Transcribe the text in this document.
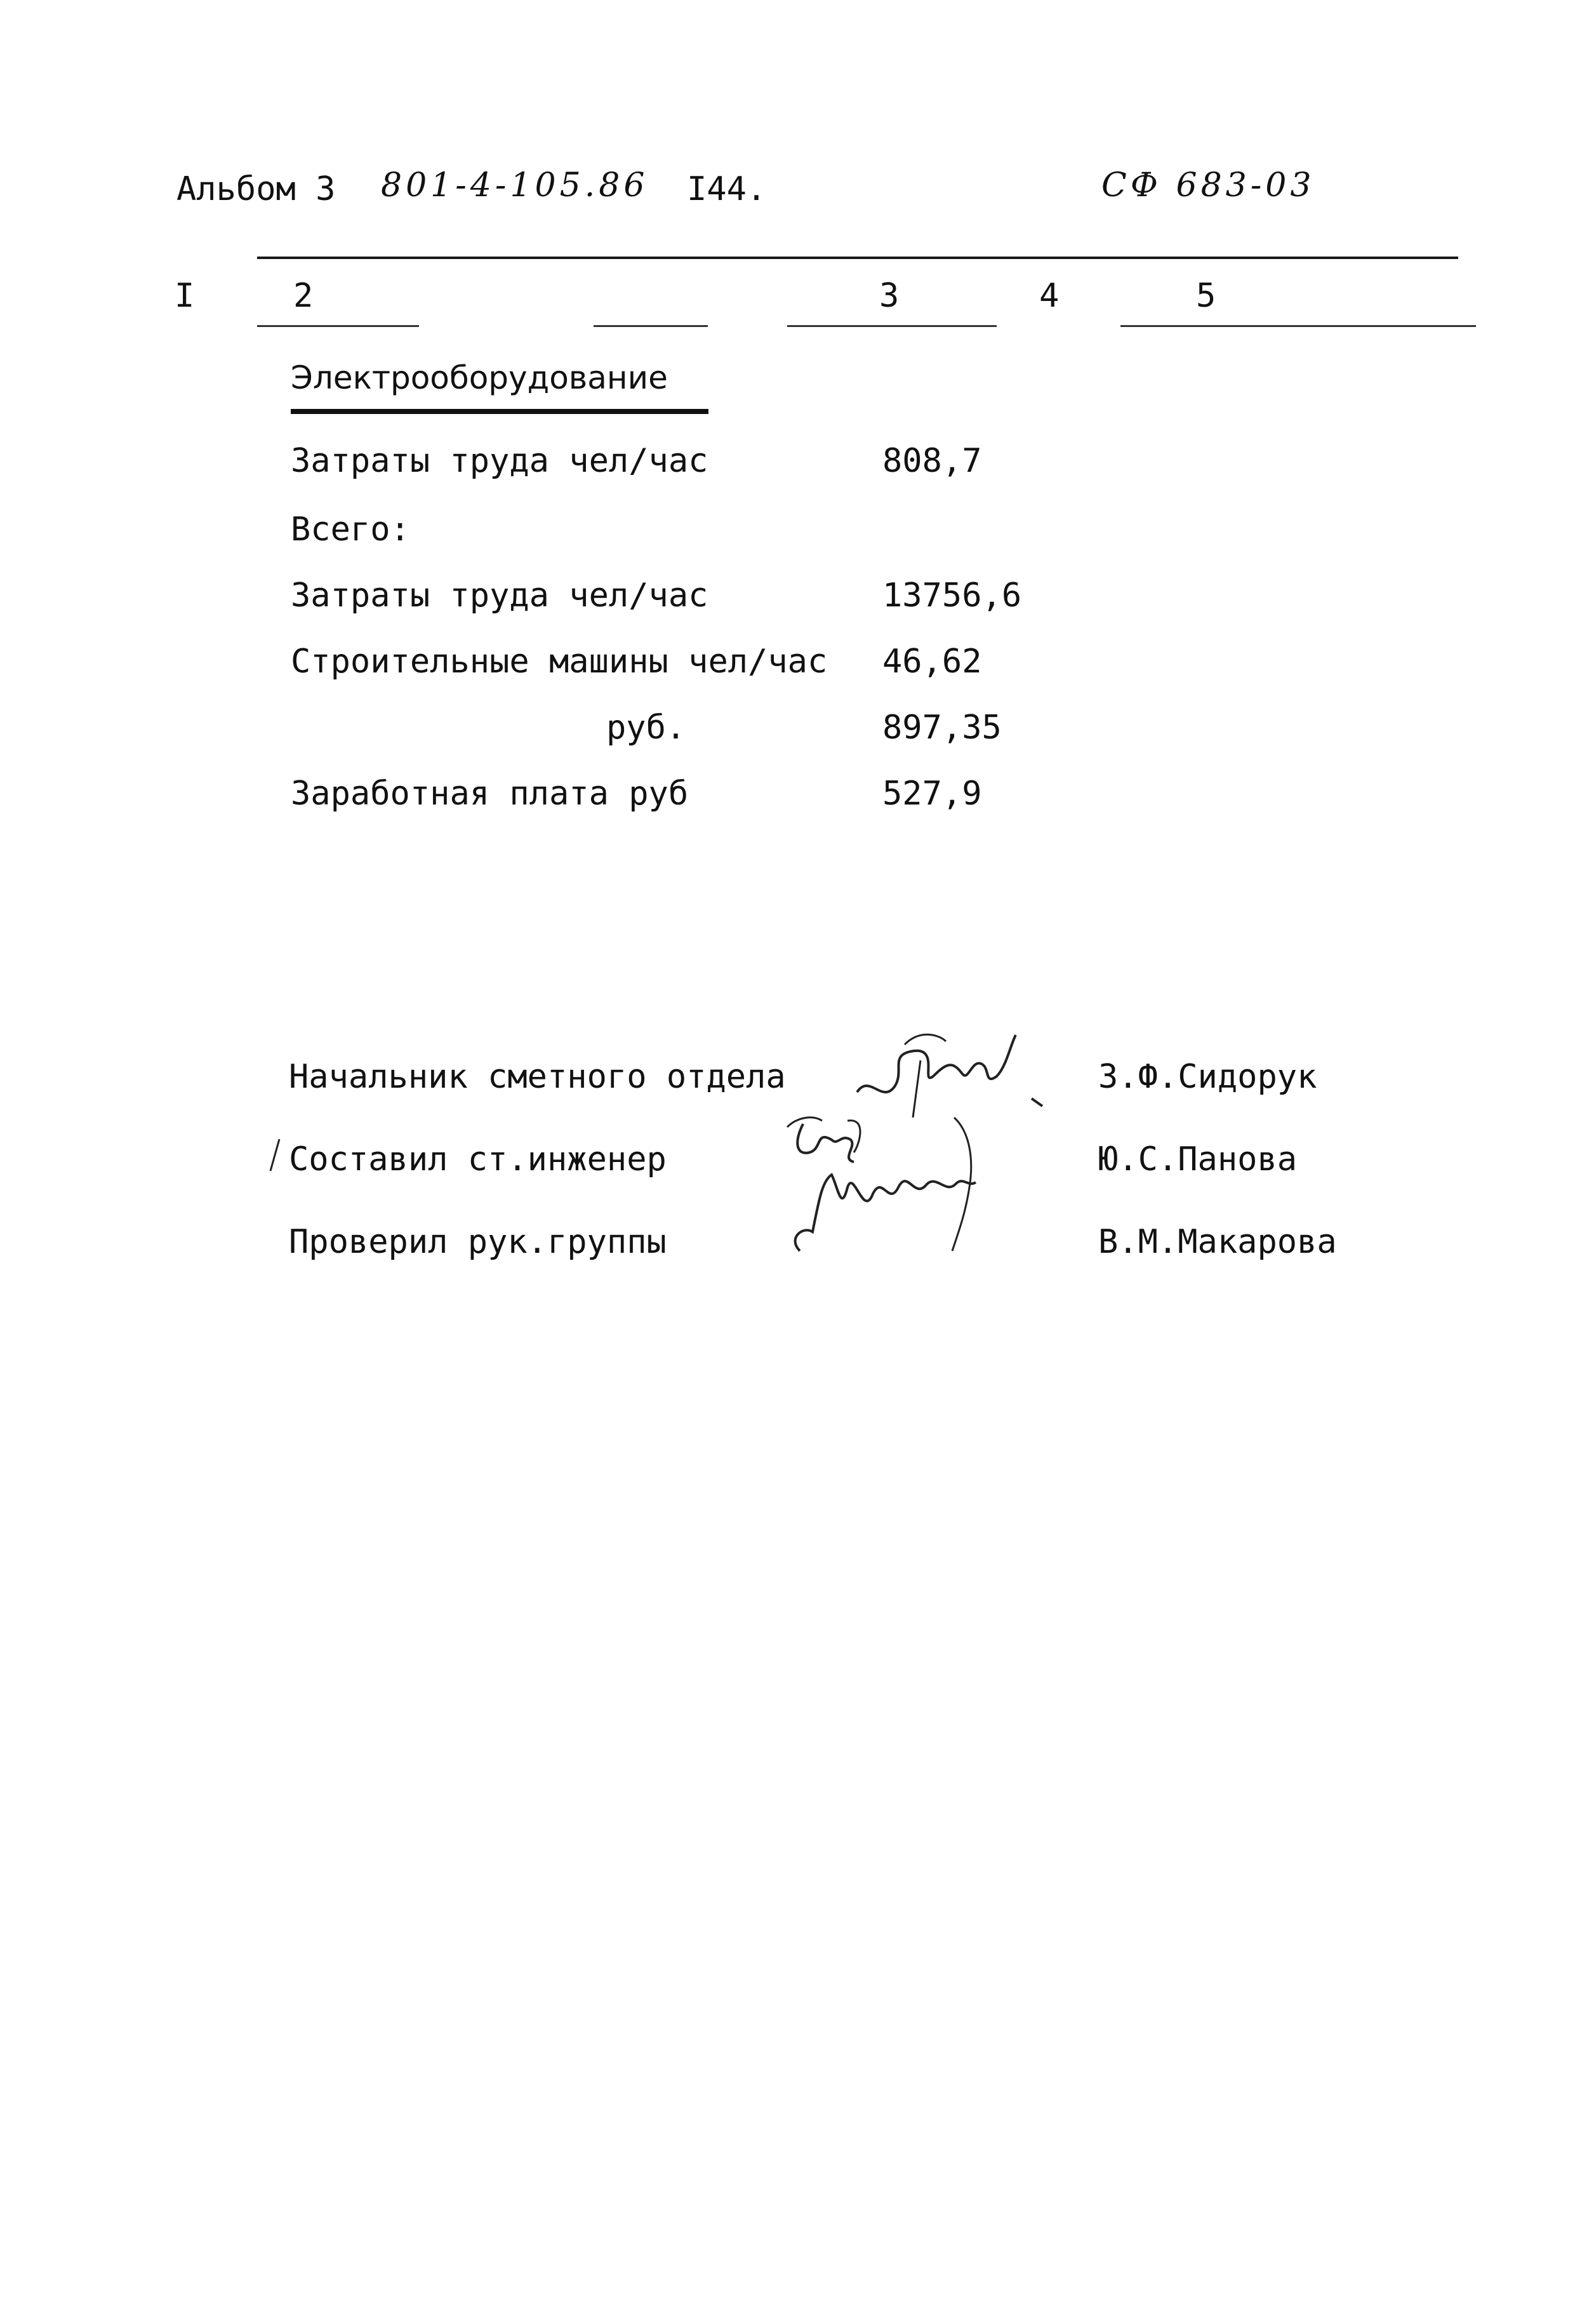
Альбом 3 801-4-105.86 I44.	СФ 683-03
I	2	3	4	5
Электрооборудование
Затраты труда чел/час	808,7
Всего:
Затраты труда чел/час	13756,6
Строительные машины чел/час 46,62
руб.	897,35
Заработная плата руб	527,9
Начальник сметного отдела	З.Ф.Сидорук
Составил ст.инженер	Ю.С.Панова
Проверил рук.группы	В.М.Макарова
